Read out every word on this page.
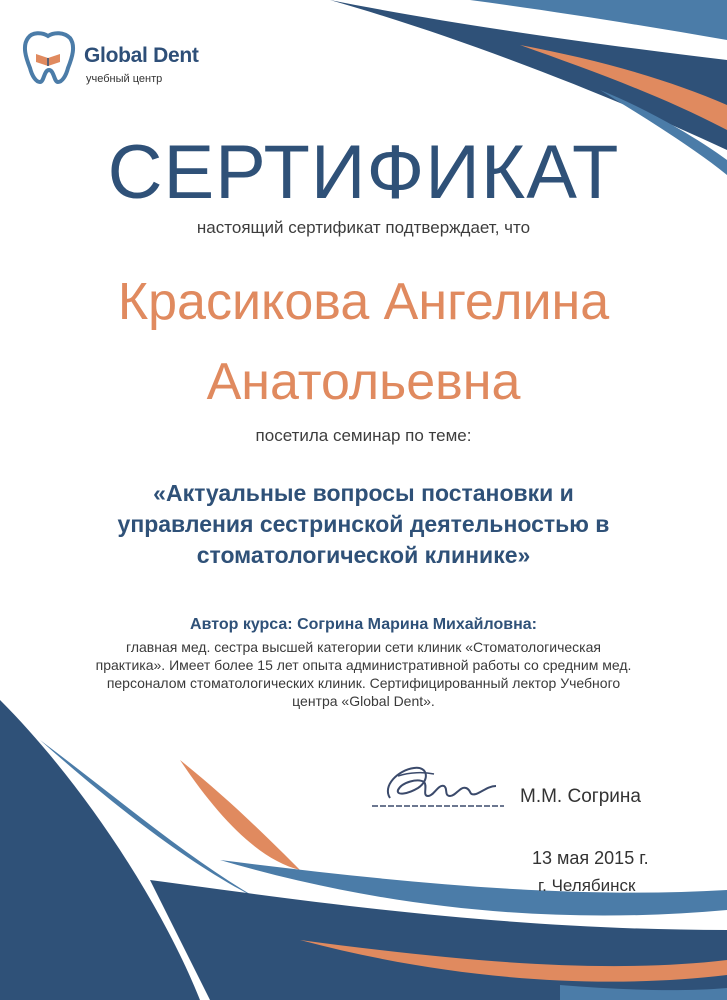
Global Dent
учебный центр
СЕРТИФИКАТ
настоящий сертификат подтверждает, что
Красикова Ангелина
Анатольевна
посетила семинар по теме:
«Актуальные вопросы постановки и
управления сестринской деятельностью в
стоматологической клинике»
Автор курса: Согрина Марина Михайловна:
главная мед. сестра высшей категории сети клиник «Стоматологическая
практика». Имеет более 15 лет опыта административной работы со средним мед.
персоналом стоматологических клиник. Сертифицированный лектор Учебного
центра «Global Dent».
М.М. Согрина
13 мая 2015 г.
г. Челябинск
